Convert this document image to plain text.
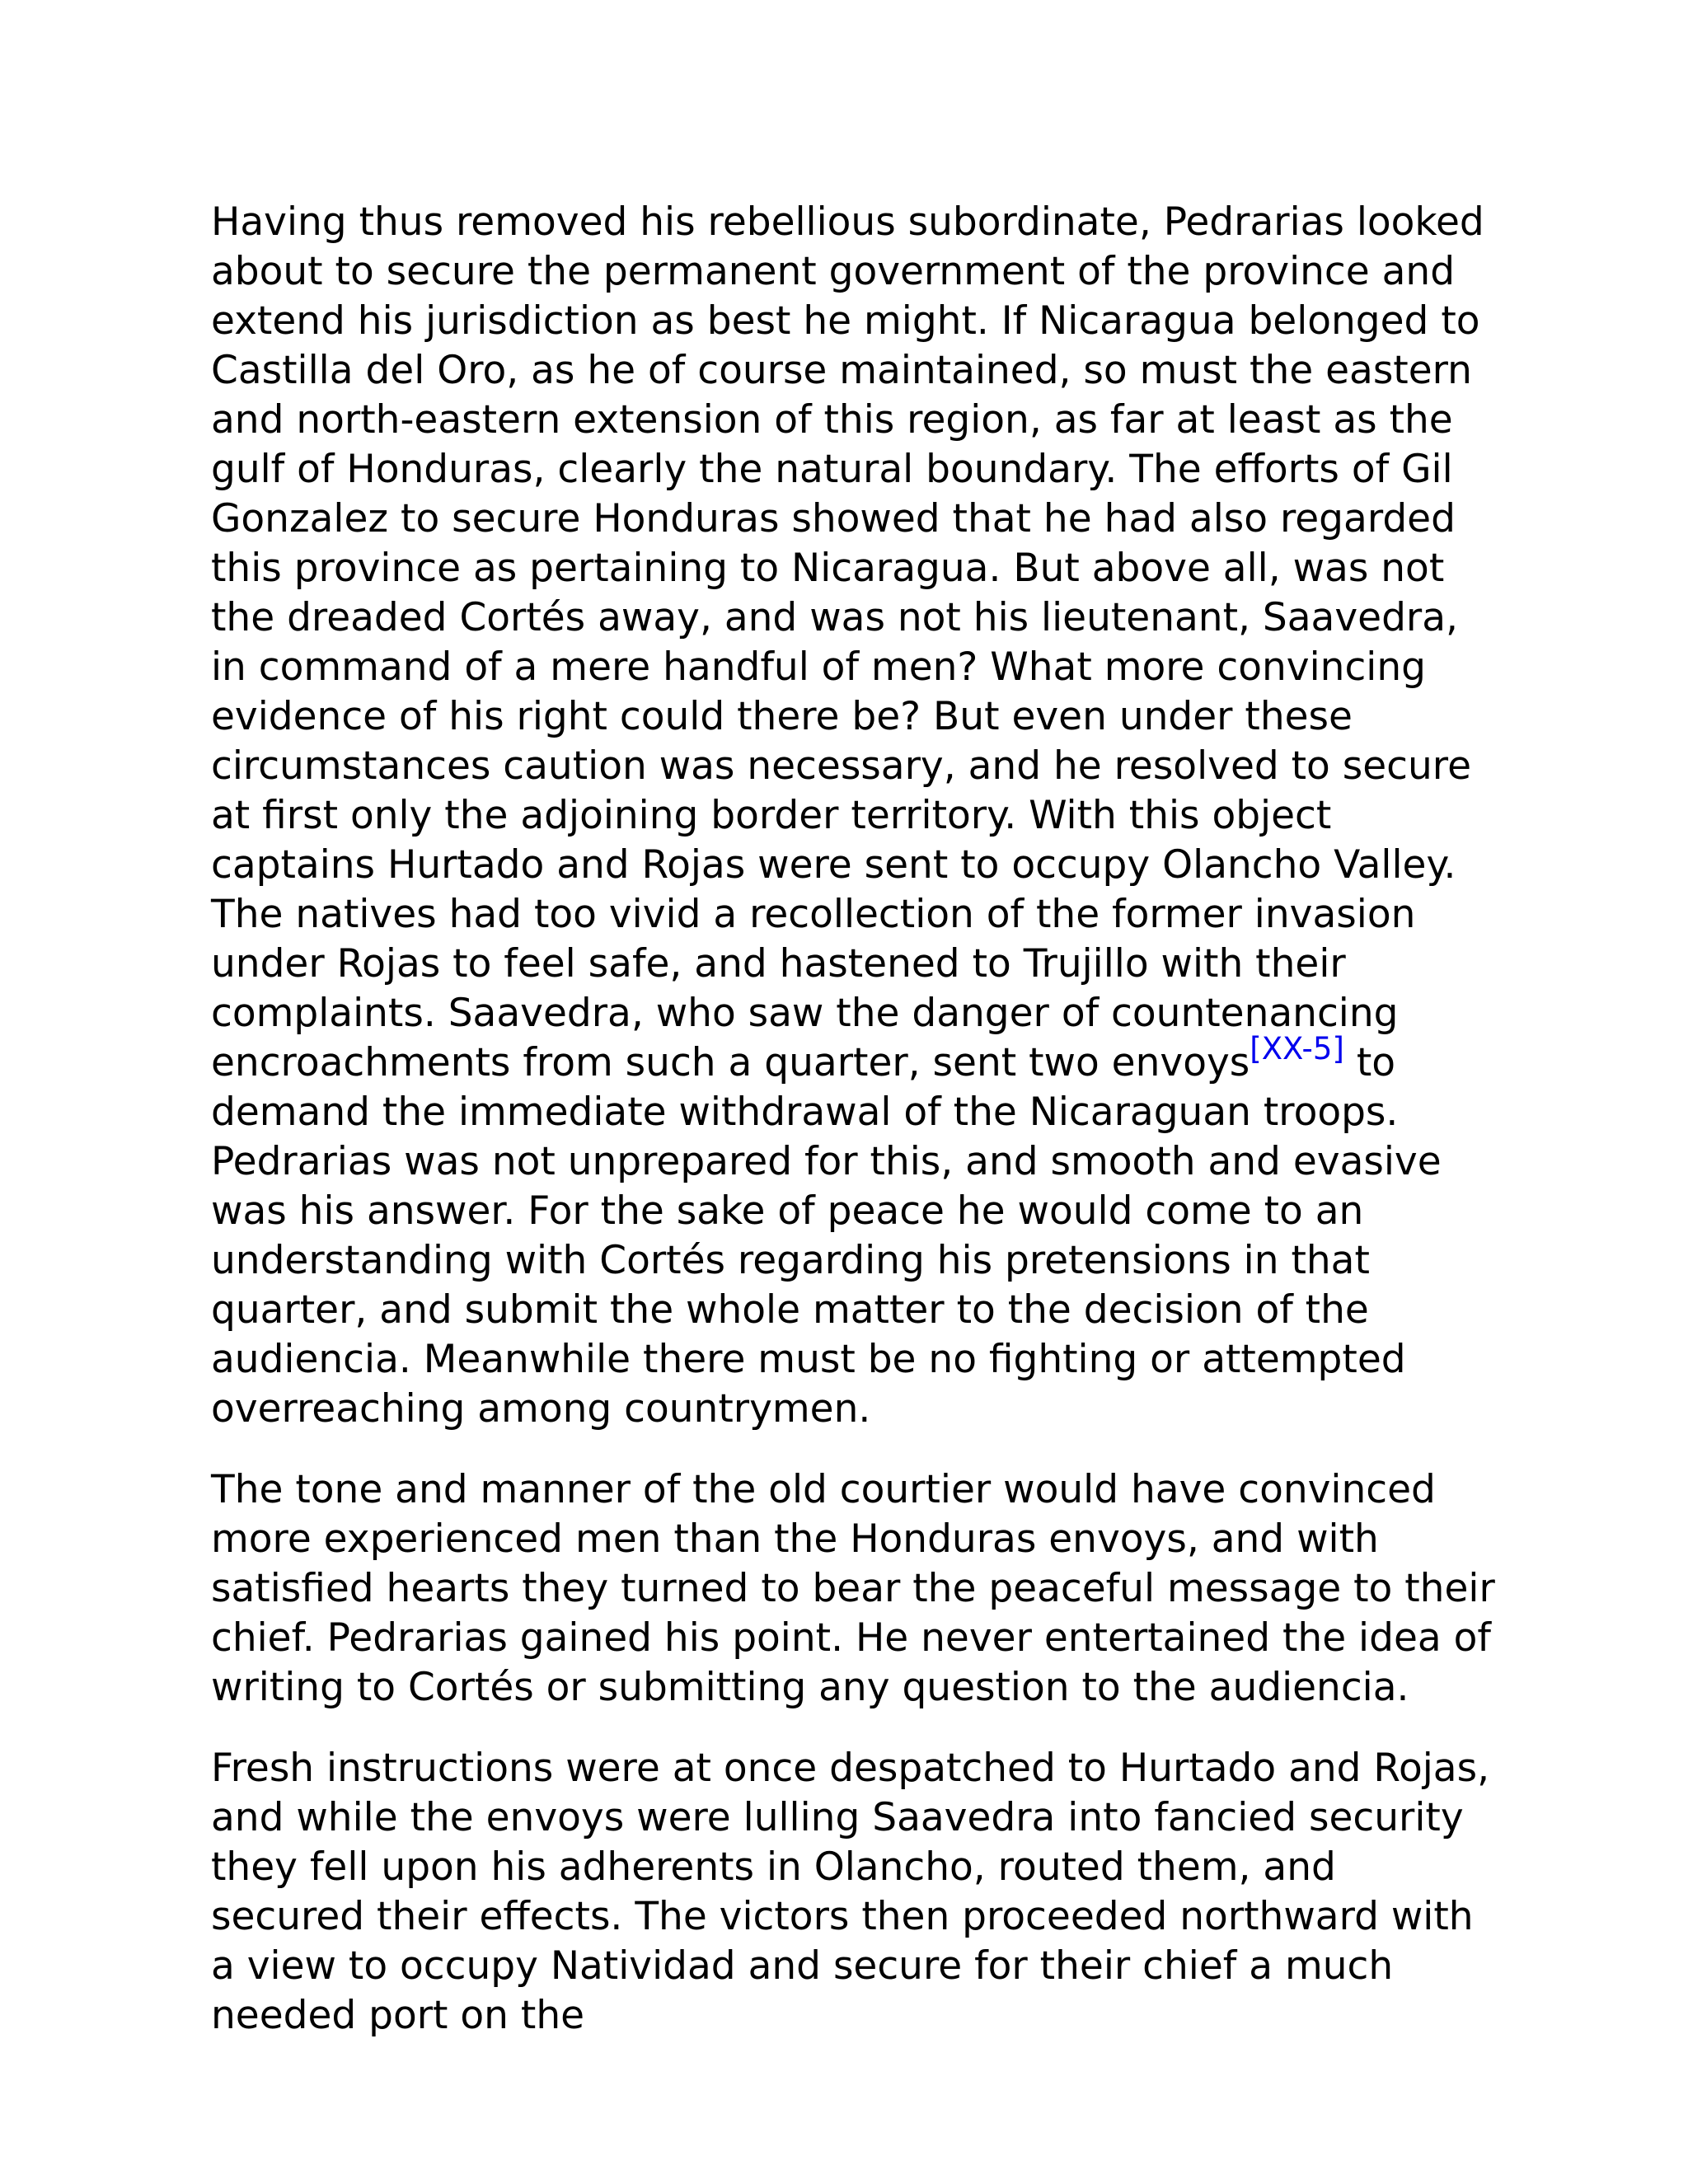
Having thus removed his rebellious subordinate, Pedrarias looked about to secure the permanent government of the province and extend his jurisdiction as best he might. If Nicaragua belonged to Castilla del Oro, as he of course maintained, so must the eastern and north-eastern extension of this region, as far at least as the gulf of Honduras, clearly the natural boundary. The efforts of Gil Gonzalez to secure Honduras showed that he had also regarded this province as pertaining to Nicaragua. But above all, was not the dreaded Cortés away, and was not his lieutenant, Saavedra, in command of a mere handful of men? What more convincing evidence of his right could there be? But even under these circumstances caution was necessary, and he resolved to secure at first only the adjoining border territory. With this object captains Hurtado and Rojas were sent to occupy Olancho Valley. The natives had too vivid a recollection of the former invasion under Rojas to feel safe, and hastened to Trujillo with their complaints. Saavedra, who saw the danger of countenancing encroachments from such a quarter, sent two envoys[XX-5] to demand the immediate withdrawal of the Nicaraguan troops. Pedrarias was not unprepared for this, and smooth and evasive was his answer. For the sake of peace he would come to an understanding with Cortés regarding his pretensions in that quarter, and submit the whole matter to the decision of the audiencia. Meanwhile there must be no fighting or attempted overreaching among countrymen.

The tone and manner of the old courtier would have convinced more experienced men than the Honduras envoys, and with satisfied hearts they turned to bear the peaceful message to their chief. Pedrarias gained his point. He never entertained the idea of writing to Cortés or submitting any question to the audiencia.

Fresh instructions were at once despatched to Hurtado and Rojas, and while the envoys were lulling Saavedra into fancied security they fell upon his adherents in Olancho, routed them, and secured their effects. The victors then proceeded northward with a view to occupy Natividad and secure for their chief a much needed port on the
